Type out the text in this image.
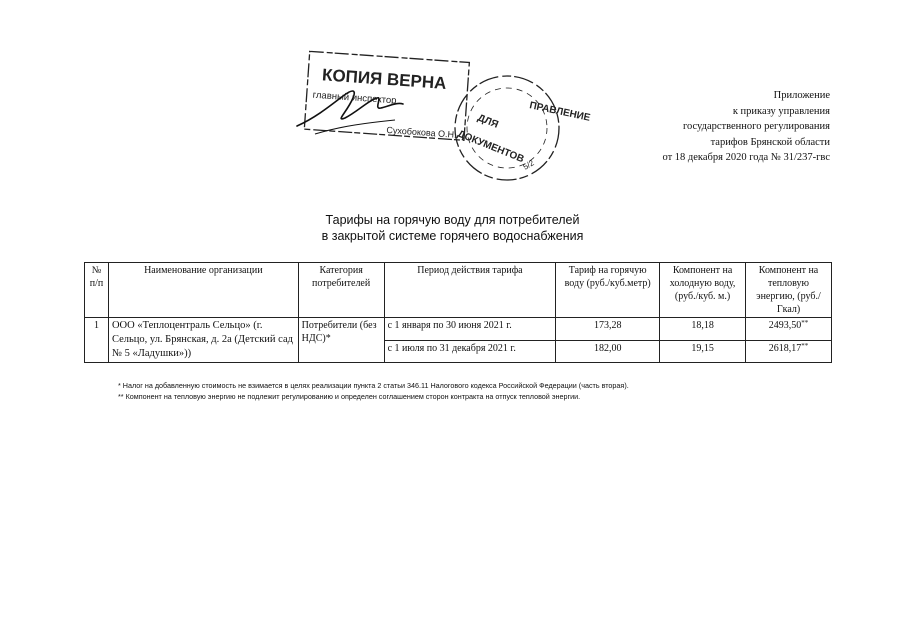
КОПИЯ ВЕРНА
главный инспектор
Сухобокова О.Н.
ПРАВЛЕНИЕ
ДЛЯ
ДОКУМЕНТОВ
5/2
Приложение
к приказу управления
государственного регулирования
тарифов Брянской области
от 18 декабря 2020 года № 31/237-гвс
Тарифы на горячую воду для потребителей
в закрытой системе горячего водоснабжения
№ п/п	Наименование организации	Категория потребителей	Период действия тарифа	Тариф на горячую воду (руб./куб.метр)	Компонент на холодную воду, (руб./куб. м.)	Компонент на тепловую энергию, (руб./Гкал)
1	ООО «Теплоцентраль Сельцо» (г. Сельцо, ул. Брянская, д. 2а (Детский сад № 5 «Ладушки»))	Потребители (без НДС)*	с 1 января по 30 июня 2021 г.	173,28	18,18	2493,50**
			с 1 июля по 31 декабря 2021 г.	182,00	19,15	2618,17**
* Налог на добавленную стоимость не взимается в целях реализации пункта 2 статьи 346.11 Налогового кодекса Российской Федерации (часть вторая).
** Компонент на тепловую энергию не подлежит регулированию и определен соглашением сторон контракта на отпуск тепловой энергии.
